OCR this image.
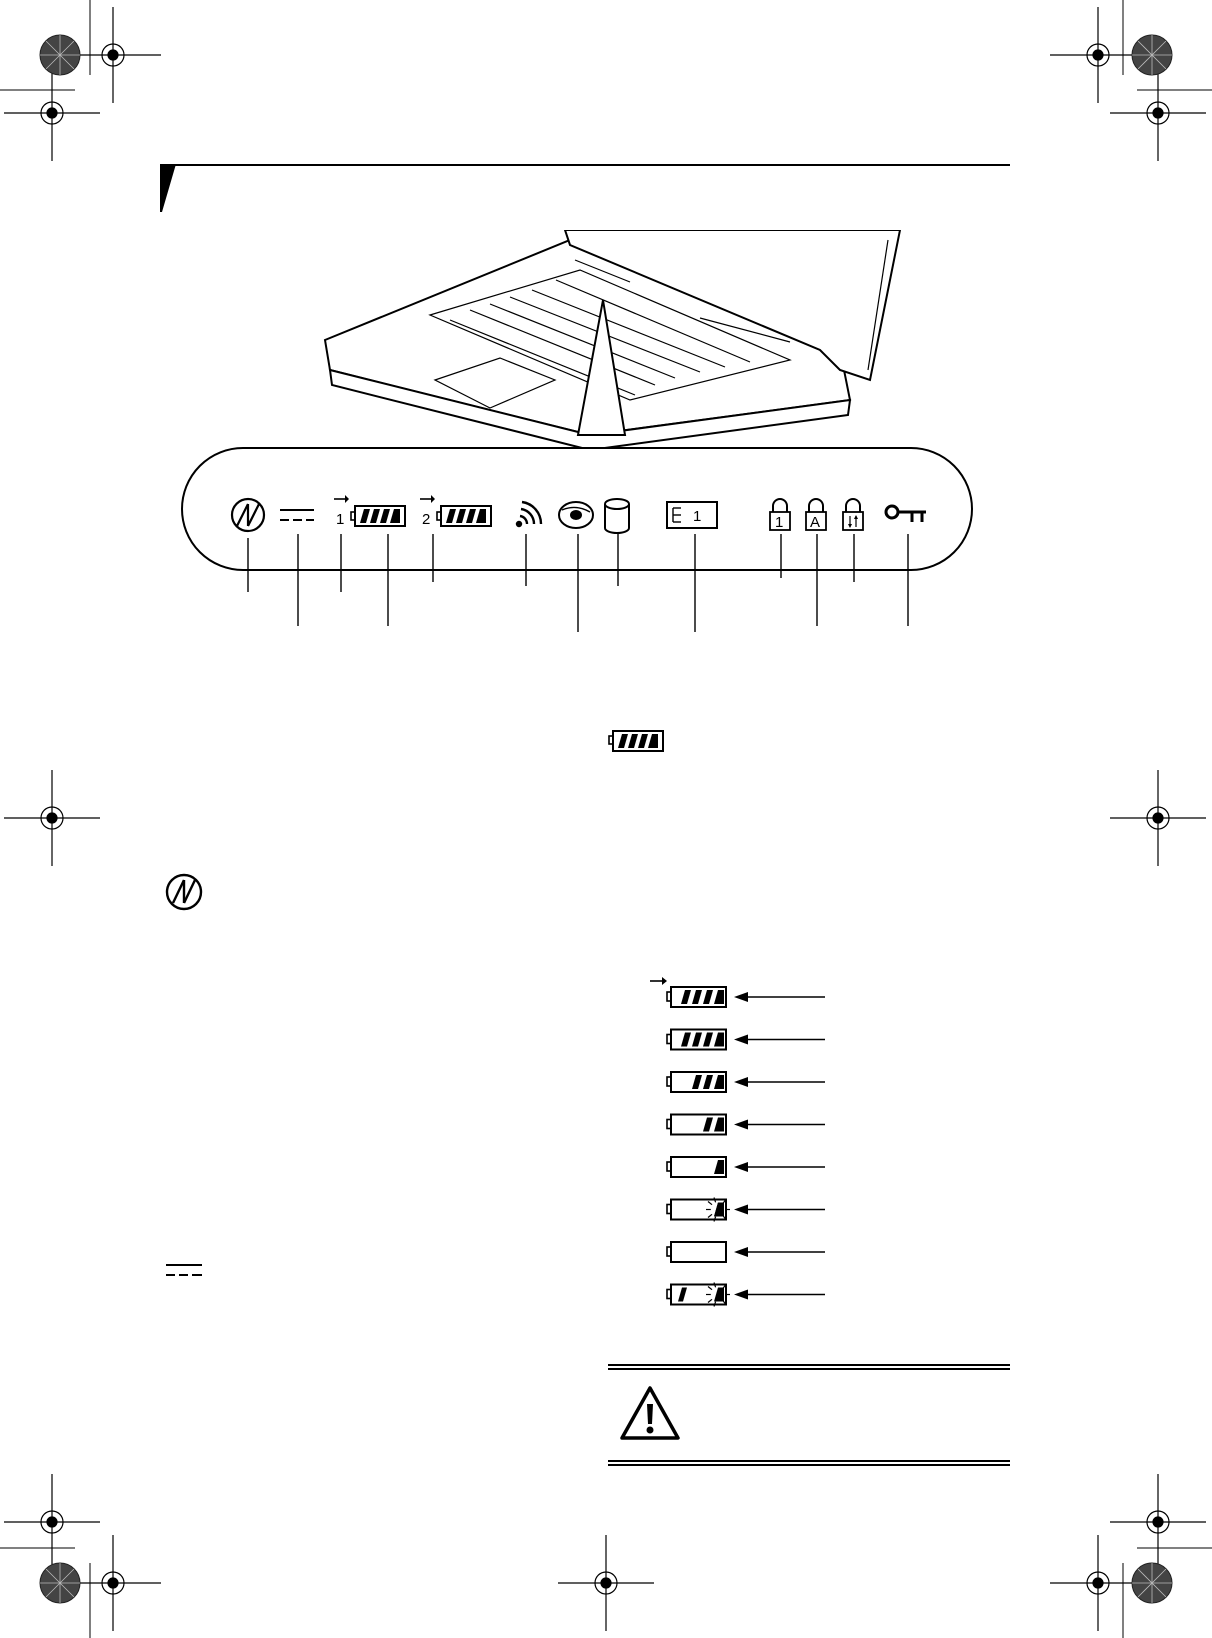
1	2	1	1 A
